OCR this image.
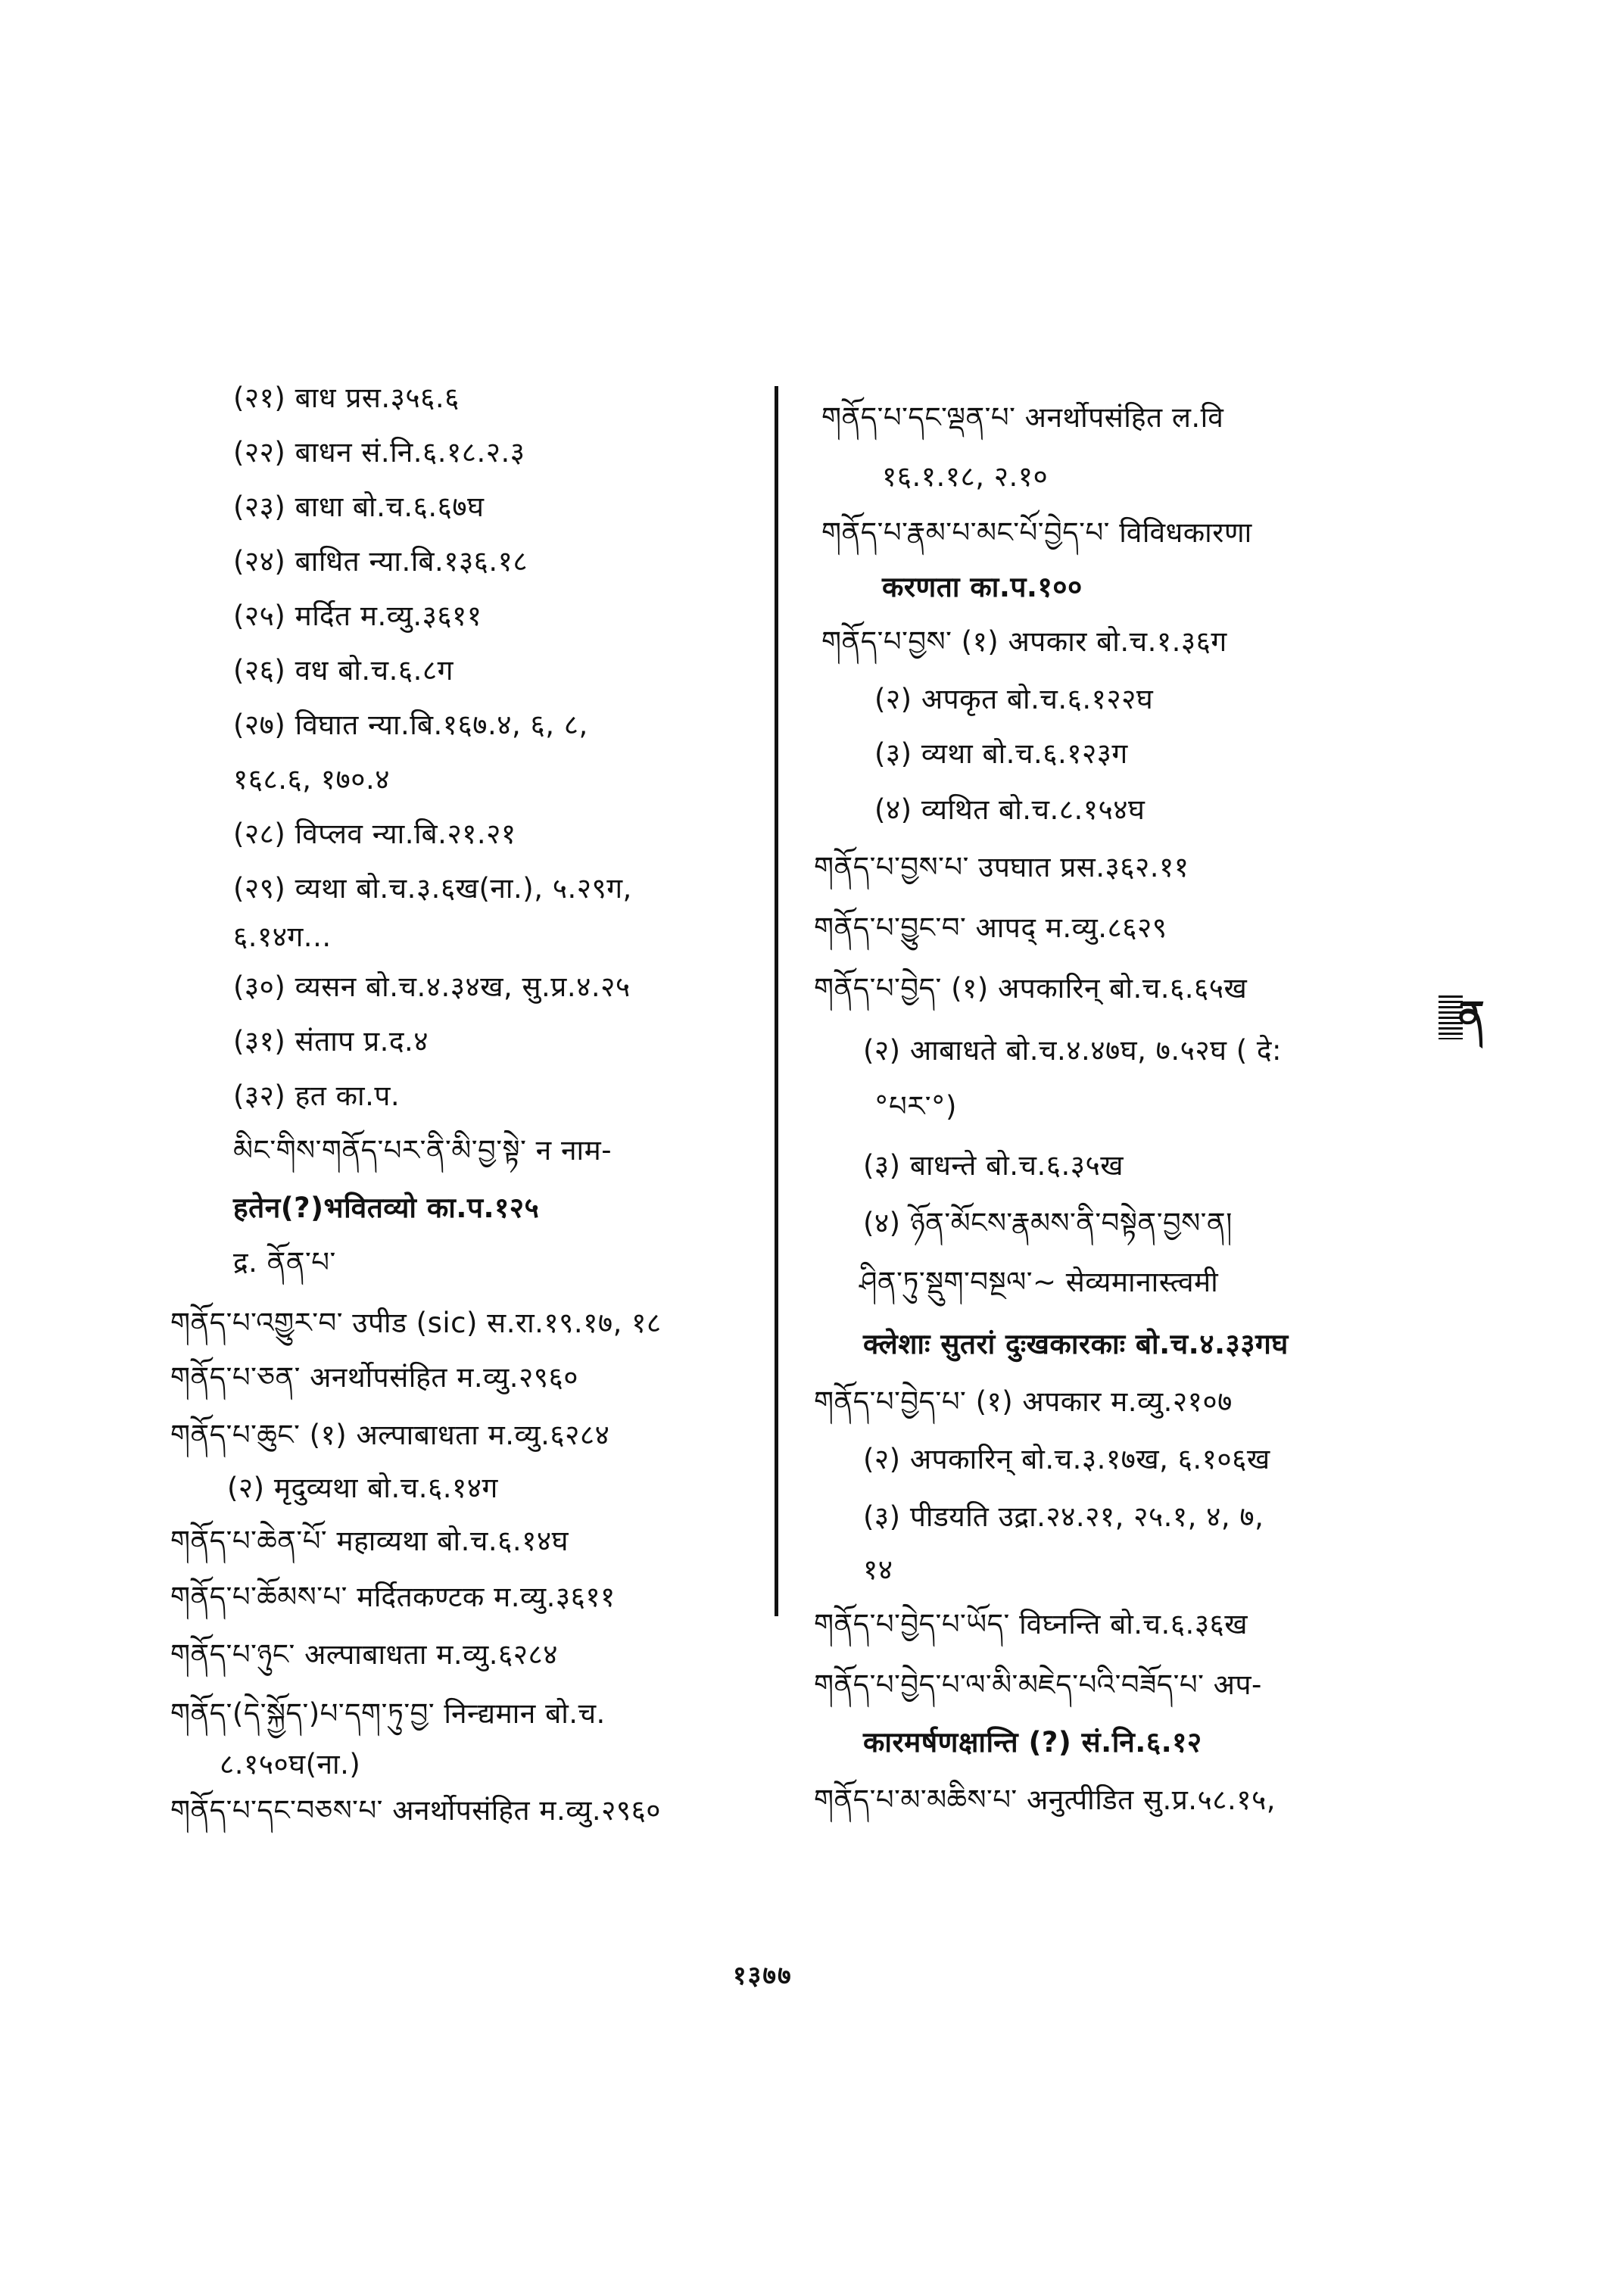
(२१) बाध प्रस.३५६.६
(२२) बाधन सं.नि.६.१८.२.३
(२३) बाधा बो.च.६.६७घ
(२४) बाधित न्या.बि.१३६.१८
(२५) मर्दित म.व्यु.३६११
(२६) वध बो.च.६.८ग
(२७) विघात न्या.बि.१६७.४, ६, ८,
१६८.६, १७०.४
(२८) विप्लव न्या.बि.२१.२१
(२९) व्यथा बो.च.३.६ख(ना.), ५.२९ग,
६.१४ग...
(३०) व्यसन बो.च.४.३४ख, सु.प्र.४.२५
(३१) संताप प्र.द.४
(३२) हत का.प.
མིང་གིས་གནོད་པར་ནི་མི་བྱ་སྟེ་ न नाम-
हतेन(?)भवितव्यो का.प.१२५
द्र. ནོན་པ་
གནོད་པ་འགྱུར་བ་ उपीड (sic) स.रा.१९.१७, १८
གནོད་པ་ཅན་ अनर्थोपसंहित म.व्यु.२९६०
གནོད་པ་ཆུང་ (१) अल्पाबाधता म.व्यु.६२८४
(२) मृदुव्यथा बो.च.६.१४ग
གནོད་པ་ཆེན་པོ་ महाव्यथा बो.च.६.१४घ
གནོད་པ་ཆོམས་པ་ मर्दितकण्टक म.व्यु.३६११
གནོད་པ་ཉུང་ अल्पाबाधता म.व्यु.६२८४
གནོད་(དེ་སྐྱོད་)པ་དག་ཏུ་བྱ་ निन्द्यमान बो.च.
८.१५०घ(ना.)
གནོད་པ་དང་བཅས་པ་ अनर्थोपसंहित म.व्यु.२९६०
གནོད་པ་དང་ལྡན་པ་ अनर्थोपसंहित ल.वि
१६.१.१८, २.१०
གནོད་པ་རྣམ་པ་མང་པོ་བྱེད་པ་ विविधकारणा
करणता का.प.१००
གནོད་པ་བྱས་ (१) अपकार बो.च.१.३६ग
(२) अपकृत बो.च.६.१२२घ
(३) व्यथा बो.च.६.१२३ग
(४) व्यथित बो.च.८.१५४घ
གནོད་པ་བྱས་པ་ उपघात प्रस.३६२.११
གནོད་པ་བྱུང་བ་ आपद् म.व्यु.८६२९
གནོད་པ་བྱེད་ (१) अपकारिन् बो.च.६.६५ख
(२) आबाधते बो.च.४.४७घ, ७.५२घ ( दे:
°པར་°)
(३) बाधन्ते बो.च.६.३५ख
(४) ཉོན་མོངས་རྣམས་ནི་བསྟེན་བྱས་ན།
ཤིན་ཏུ་སྡུག་བསྔལ་~ सेव्यमानास्त्वमी
क्लेशाः सुतरां दुःखकारकाः बो.च.४.३३गघ
གནོད་པ་བྱེད་པ་ (१) अपकार म.व्यु.२१०७
(२) अपकारिन् बो.च.३.१७ख, ६.१०६ख
(३) पीडयति उद्रा.२४.२१, २५.१, ४, ७,
१४
གནོད་པ་བྱེད་པ་ཡོད་ विघ्नन्ति बो.च.६.३६ख
གནོད་པ་བྱེད་པ་ལ་མི་མཇེད་པའི་བཟོད་པ་ अप-
कारमर्षणक्षान्ति (?) सं.नि.६.१२
གནོད་པ་མ་མཆིས་པ་ अनुत्पीडित सु.प्र.५८.१५,
ན
१३७७
